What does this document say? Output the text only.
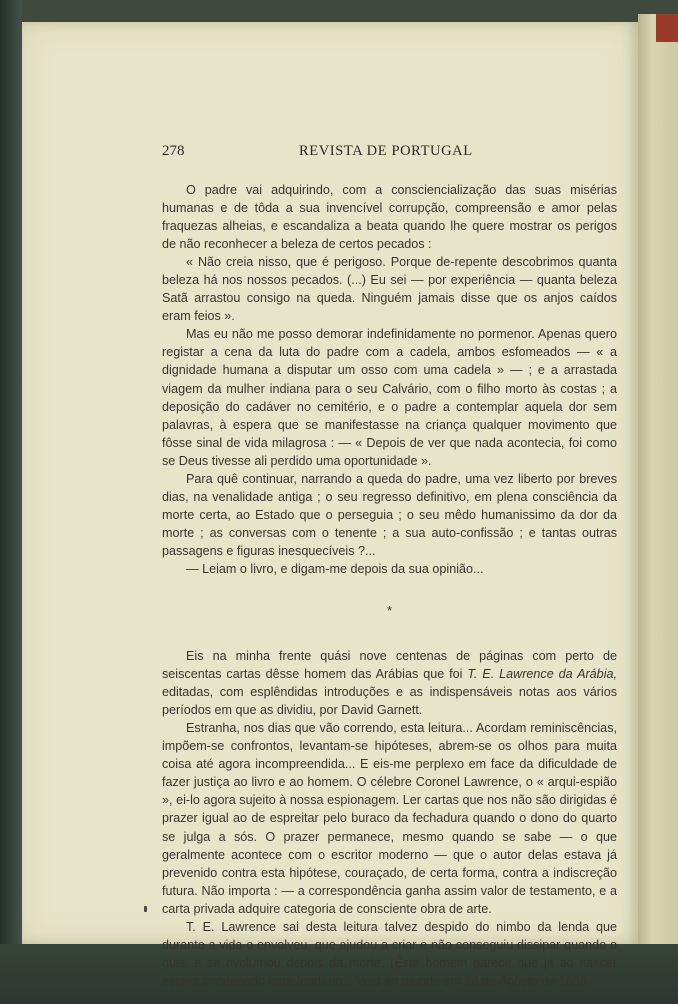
278	REVISTA DE PORTUGAL

O padre vai adquirindo, com a consciencialização das suas misérias humanas e de tôda a sua invencível corrupção, compreensão e amor pelas fraquezas alheias, e escandaliza a beata quando lhe quere mostrar os perigos de não reconhecer a beleza de certos pecados :

« Não creia nisso, que é perigoso. Porque de-repente descobrimos quanta beleza há nos nossos pecados. (...) Eu sei — por experiência — quanta beleza Satã arrastou consigo na queda. Ninguém jamais disse que os anjos caídos eram feios ».

Mas eu não me posso demorar indefinidamente no pormenor. Apenas quero registar a cena da luta do padre com a cadela, ambos esfomeados — « a dignidade humana a disputar um osso com uma cadela » — ; e a arrastada viagem da mulher indiana para o seu Calvário, com o filho morto às costas ; a deposição do cadáver no cemitério, e o padre a contemplar aquela dor sem palavras, à espera que se manifestasse na criança qualquer movimento que fôsse sinal de vida milagrosa : — « Depois de ver que nada acontecia, foi como se Deus tivesse ali perdido uma oportunidade ».

Para quê continuar, narrando a queda do padre, uma vez liberto por breves dias, na venalidade antiga ; o seu regresso definitivo, em plena consciência da morte certa, ao Estado que o perseguia ; o seu mêdo humanissimo da dor da morte ; as conversas com o tenente ; a sua auto-confissão ; e tantas outras passagens e figuras inesquecíveis ?...

— Leiam o livro, e digam-me depois da sua opinião...

*

Eis na minha frente quási nove centenas de páginas com perto de seiscentas cartas dêsse homem das Arábias que foi T. E. Lawrence da Arábia, editadas, com esplêndidas introduções e as indispensáveis notas aos vários períodos em que as dividiu, por David Garnett.

Estranha, nos dias que vão correndo, esta leitura... Acordam reminiscências, impõem-se confrontos, levantam-se hipóteses, abrem-se os olhos para muita coisa até agora incompreendida... E eis-me perplexo em face da dificuldade de fazer justiça ao livro e ao homem. O célebre Coronel Lawrence, o « arqui-espião », ei-lo agora sujeito à nossa espionagem. Ler cartas que nos não são dirigidas é prazer igual ao de espreitar pelo buraco da fechadura quando o dono do quarto se julga a sós. O prazer permanece, mesmo quando se sabe — o que geralmente acontece com o escritor moderno — que o autor delas estava já prevenido contra esta hipótese, couraçado, de certa forma, contra a indiscreção futura. Não importa : — a correspondência ganha assim valor de testamento, e a carta privada adquire categoria de consciente obra de arte.

T. E. Lawrence sai desta leitura talvez despido do nimbo da lenda que durante a vida o envolveu, que ajudou a criar e não conseguiu dissipar quando o quis, e se avolumou depois da morte. (Êste homem parece que já ao nascer estava condenado para lendário... Veio ao mundo em 16 de Agôsto de 1888,
